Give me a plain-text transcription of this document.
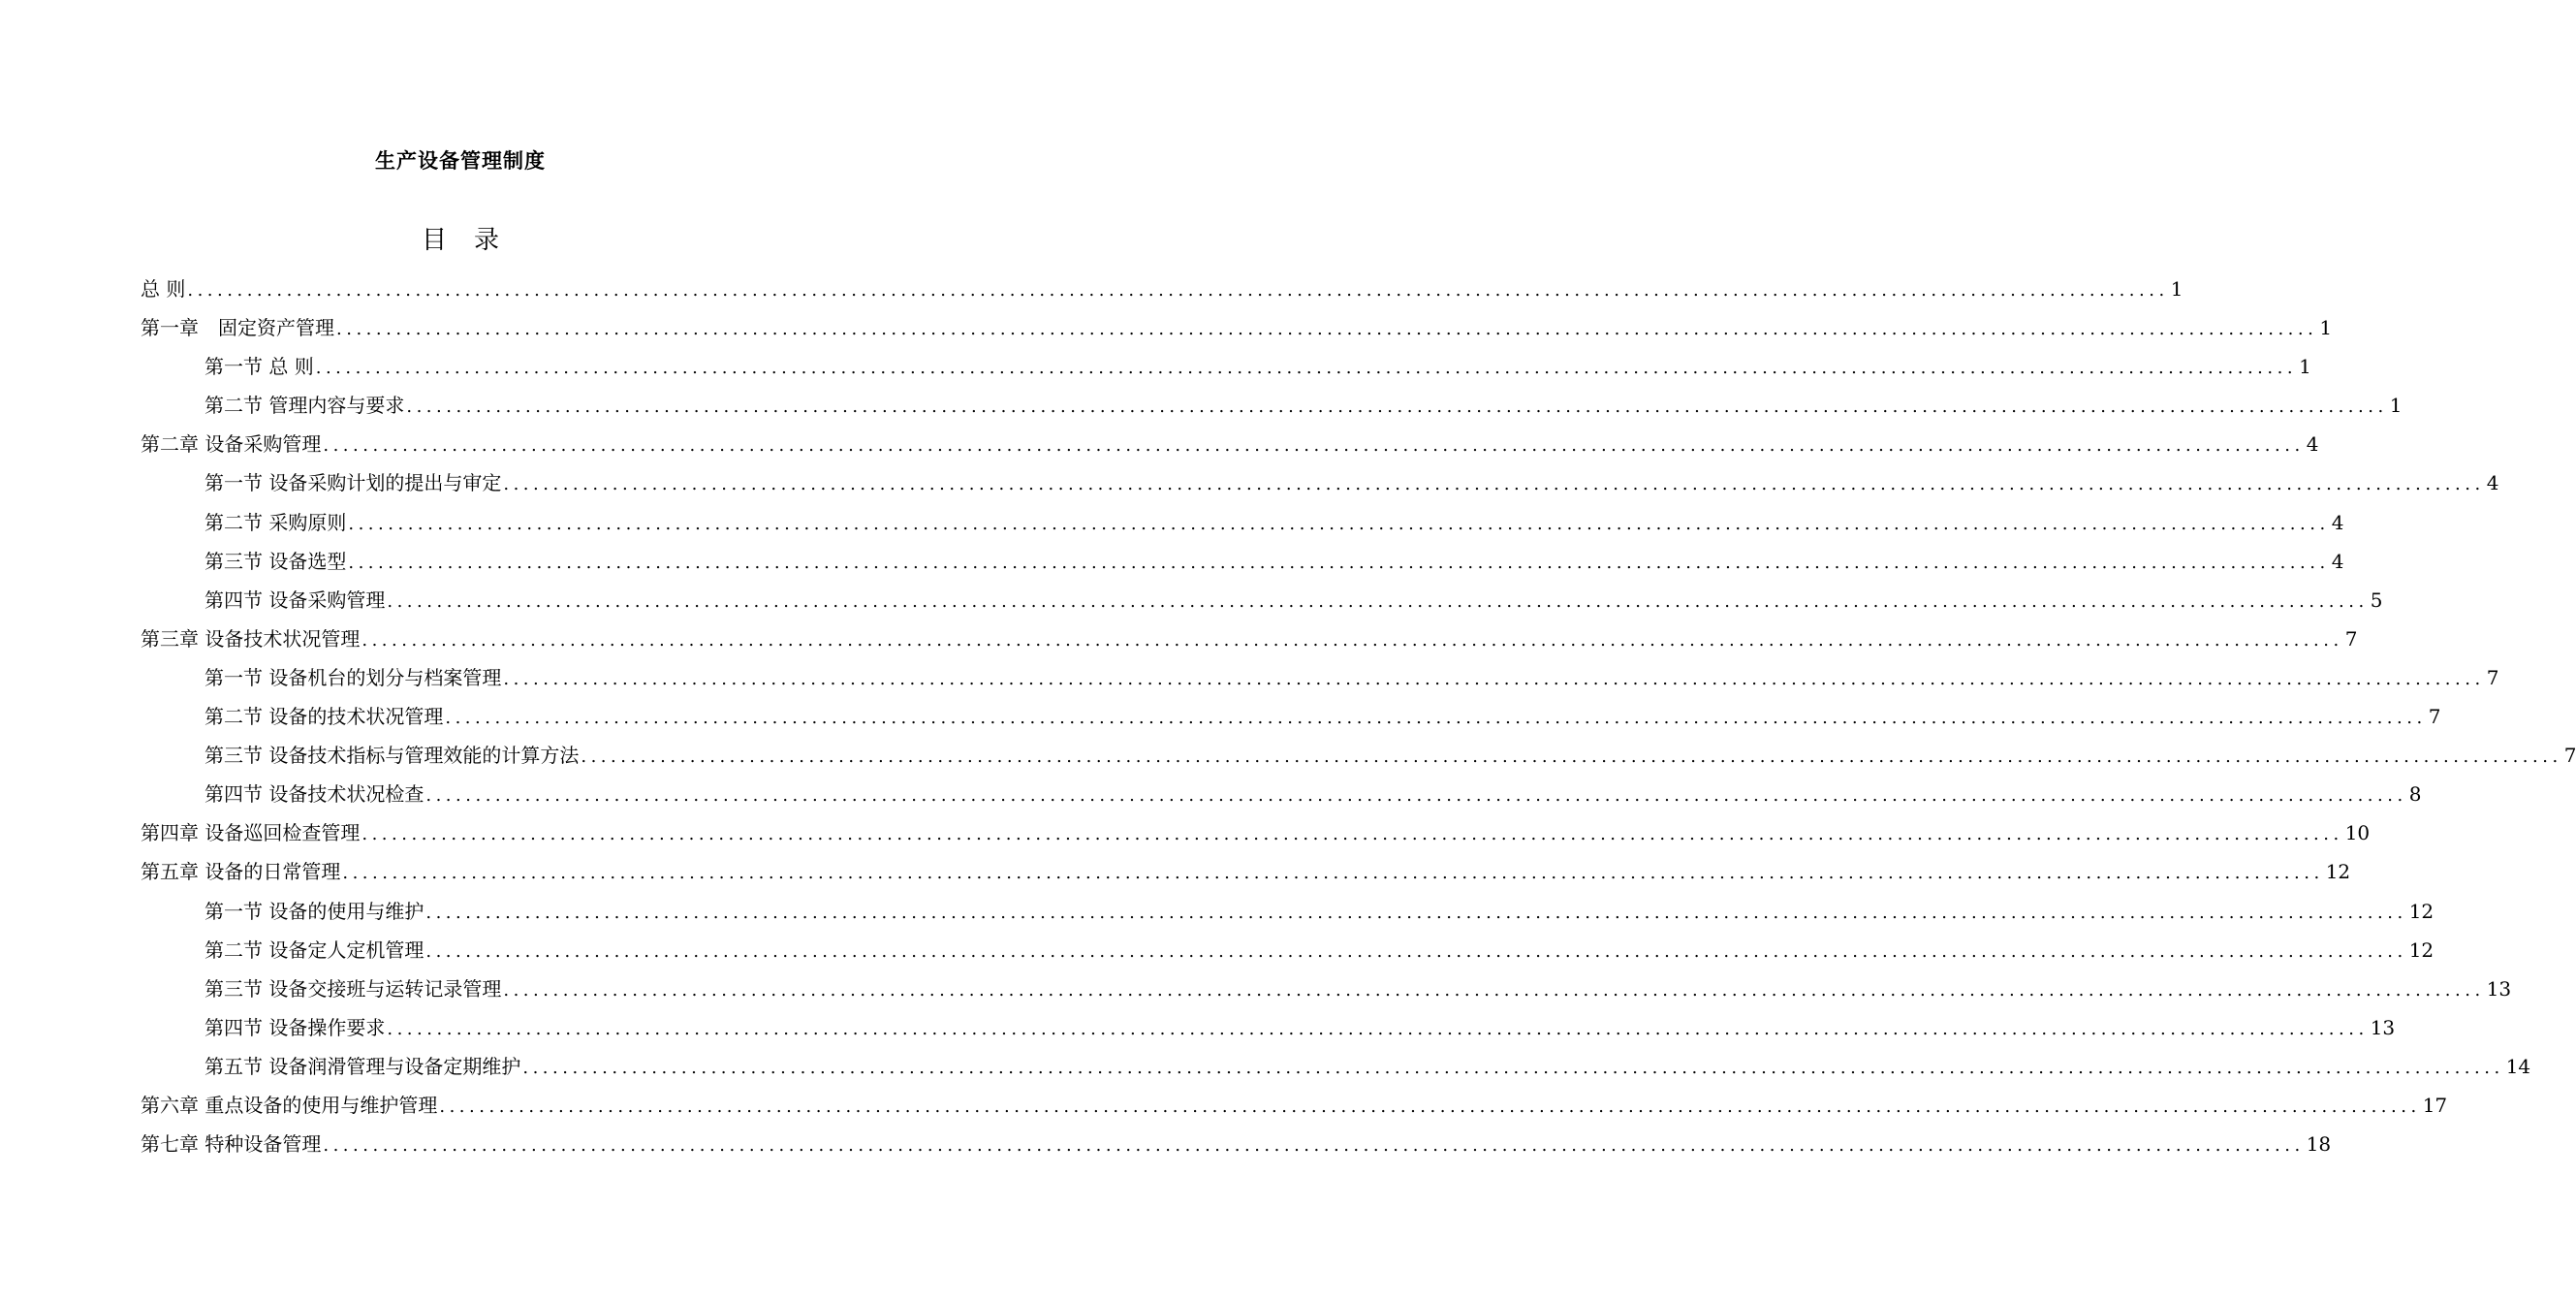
生产设备管理制度
目录
总 则 ........................................................................................................................................................................................................ 1
第一章　固定资产管理 ........................................................................................................................................................................................................ 1
第一节 总 则 ........................................................................................................................................................................................................ 1
第二节 管理内容与要求 ........................................................................................................................................................................................................ 1
第二章 设备采购管理 ........................................................................................................................................................................................................ 4
第一节 设备采购计划的提出与审定 ........................................................................................................................................................................................................ 4
第二节 采购原则 ........................................................................................................................................................................................................ 4
第三节 设备选型 ........................................................................................................................................................................................................ 4
第四节 设备采购管理 ........................................................................................................................................................................................................ 5
第三章 设备技术状况管理 ........................................................................................................................................................................................................ 7
第一节 设备机台的划分与档案管理 ........................................................................................................................................................................................................ 7
第二节 设备的技术状况管理 ........................................................................................................................................................................................................ 7
第三节 设备技术指标与管理效能的计算方法 ........................................................................................................................................................................................................ 7
第四节 设备技术状况检查 ........................................................................................................................................................................................................ 8
第四章 设备巡回检查管理 ........................................................................................................................................................................................................ 10
第五章 设备的日常管理 ........................................................................................................................................................................................................ 12
第一节 设备的使用与维护 ........................................................................................................................................................................................................ 12
第二节 设备定人定机管理 ........................................................................................................................................................................................................ 12
第三节 设备交接班与运转记录管理 ........................................................................................................................................................................................................ 13
第四节 设备操作要求 ........................................................................................................................................................................................................ 13
第五节 设备润滑管理与设备定期维护 ........................................................................................................................................................................................................ 14
第六章 重点设备的使用与维护管理 ........................................................................................................................................................................................................ 17
第七章 特种设备管理 ........................................................................................................................................................................................................ 18
